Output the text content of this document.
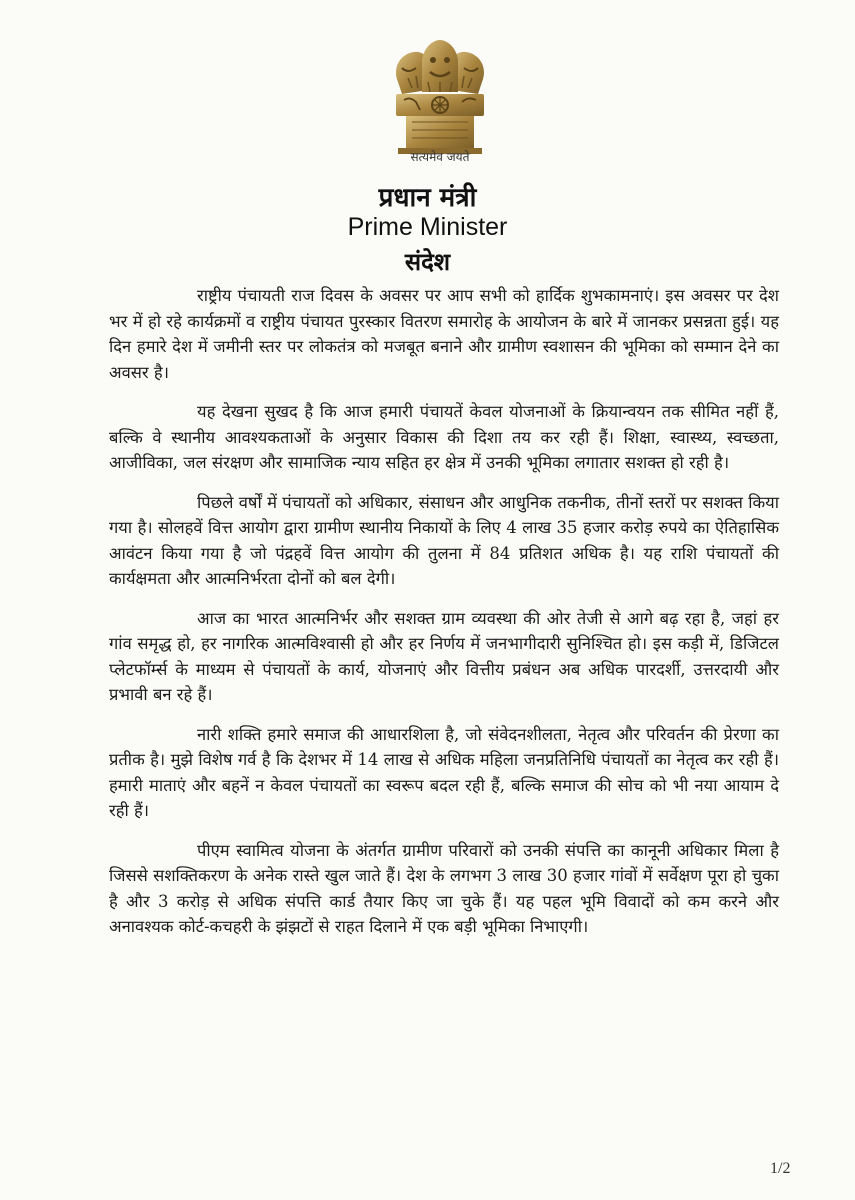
सत्यमेव जयते
प्रधान मंत्री
Prime Minister
संदेश

राष्ट्रीय पंचायती राज दिवस के अवसर पर आप सभी को हार्दिक शुभकामनाएं। इस अवसर पर देश भर में हो रहे कार्यक्रमों व राष्ट्रीय पंचायत पुरस्कार वितरण समारोह के आयोजन के बारे में जानकर प्रसन्नता हुई। यह दिन हमारे देश में जमीनी स्तर पर लोकतंत्र को मजबूत बनाने और ग्रामीण स्वशासन की भूमिका को सम्मान देने का अवसर है।

यह देखना सुखद है कि आज हमारी पंचायतें केवल योजनाओं के क्रियान्वयन तक सीमित नहीं हैं, बल्कि वे स्थानीय आवश्यकताओं के अनुसार विकास की दिशा तय कर रही हैं। शिक्षा, स्वास्थ्य, स्वच्छता, आजीविका, जल संरक्षण और सामाजिक न्याय सहित हर क्षेत्र में उनकी भूमिका लगातार सशक्त हो रही है।

पिछले वर्षों में पंचायतों को अधिकार, संसाधन और आधुनिक तकनीक, तीनों स्तरों पर सशक्त किया गया है। सोलहवें वित्त आयोग द्वारा ग्रामीण स्थानीय निकायों के लिए 4 लाख 35 हजार करोड़ रुपये का ऐतिहासिक आवंटन किया गया है जो पंद्रहवें वित्त आयोग की तुलना में 84 प्रतिशत अधिक है। यह राशि पंचायतों की कार्यक्षमता और आत्मनिर्भरता दोनों को बल देगी।

आज का भारत आत्मनिर्भर और सशक्त ग्राम व्यवस्था की ओर तेजी से आगे बढ़ रहा है, जहां हर गांव समृद्ध हो, हर नागरिक आत्मविश्वासी हो और हर निर्णय में जनभागीदारी सुनिश्चित हो। इस कड़ी में, डिजिटल प्लेटफॉर्म्स के माध्यम से पंचायतों के कार्य, योजनाएं और वित्तीय प्रबंधन अब अधिक पारदर्शी, उत्तरदायी और प्रभावी बन रहे हैं।

नारी शक्ति हमारे समाज की आधारशिला है, जो संवेदनशीलता, नेतृत्व और परिवर्तन की प्रेरणा का प्रतीक है। मुझे विशेष गर्व है कि देशभर में 14 लाख से अधिक महिला जनप्रतिनिधि पंचायतों का नेतृत्व कर रही हैं। हमारी माताएं और बहनें न केवल पंचायतों का स्वरूप बदल रही हैं, बल्कि समाज की सोच को भी नया आयाम दे रही हैं।

पीएम स्वामित्व योजना के अंतर्गत ग्रामीण परिवारों को उनकी संपत्ति का कानूनी अधिकार मिला है जिससे सशक्तिकरण के अनेक रास्ते खुल जाते हैं। देश के लगभग 3 लाख 30 हजार गांवों में सर्वेक्षण पूरा हो चुका है और 3 करोड़ से अधिक संपत्ति कार्ड तैयार किए जा चुके हैं। यह पहल भूमि विवादों को कम करने और अनावश्यक कोर्ट-कचहरी के झंझटों से राहत दिलाने में एक बड़ी भूमिका निभाएगी।

1/2
